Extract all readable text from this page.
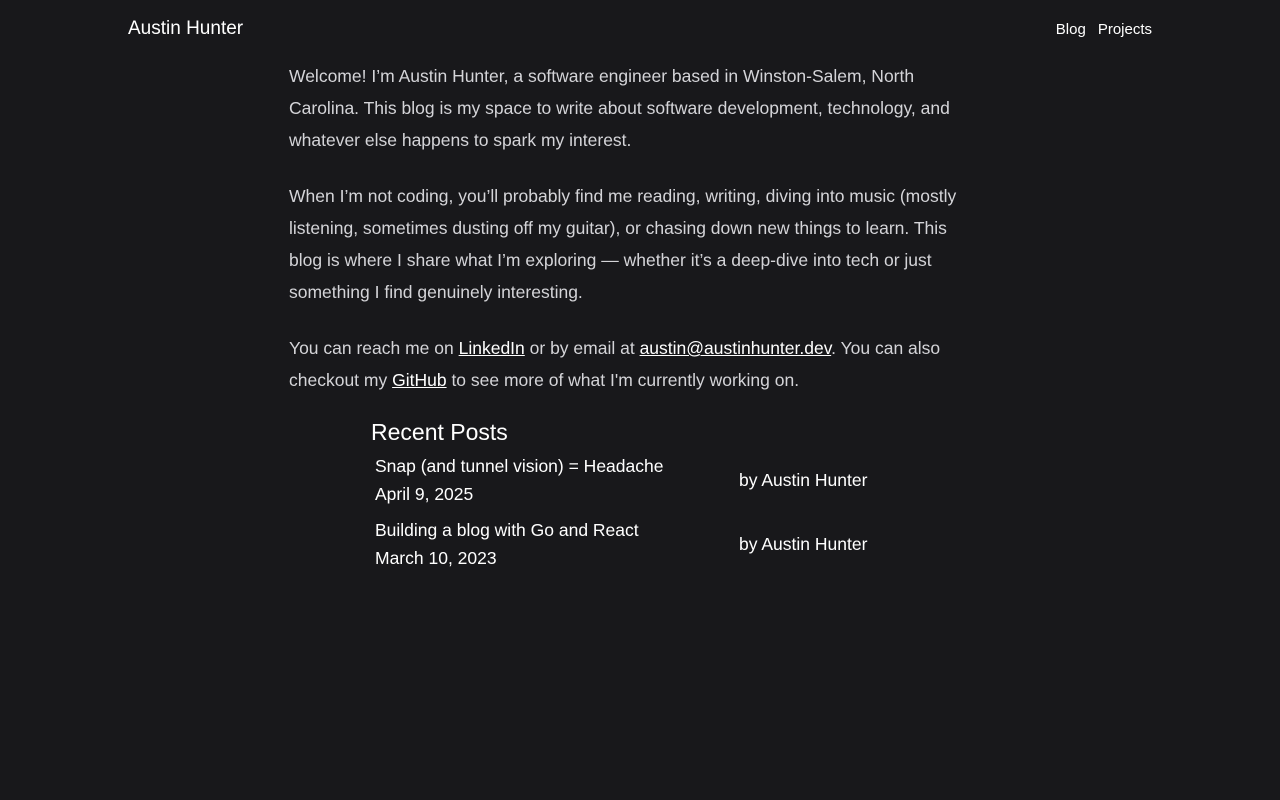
Austin Hunter	Blog Projects

Welcome! I’m Austin Hunter, a software engineer based in Winston-Salem, North Carolina. This blog is my space to write about software development, technology, and whatever else happens to spark my interest.

When I’m not coding, you’ll probably find me reading, writing, diving into music (mostly listening, sometimes dusting off my guitar), or chasing down new things to learn. This blog is where I share what I’m exploring — whether it’s a deep-dive into tech or just something I find genuinely interesting.

You can reach me on LinkedIn or by email at austin@austinhunter.dev. You can also checkout my GitHub to see more of what I'm currently working on.

Recent Posts
Snap (and tunnel vision) = Headache
April 9, 2025
by Austin Hunter
Building a blog with Go and React
March 10, 2023
by Austin Hunter
